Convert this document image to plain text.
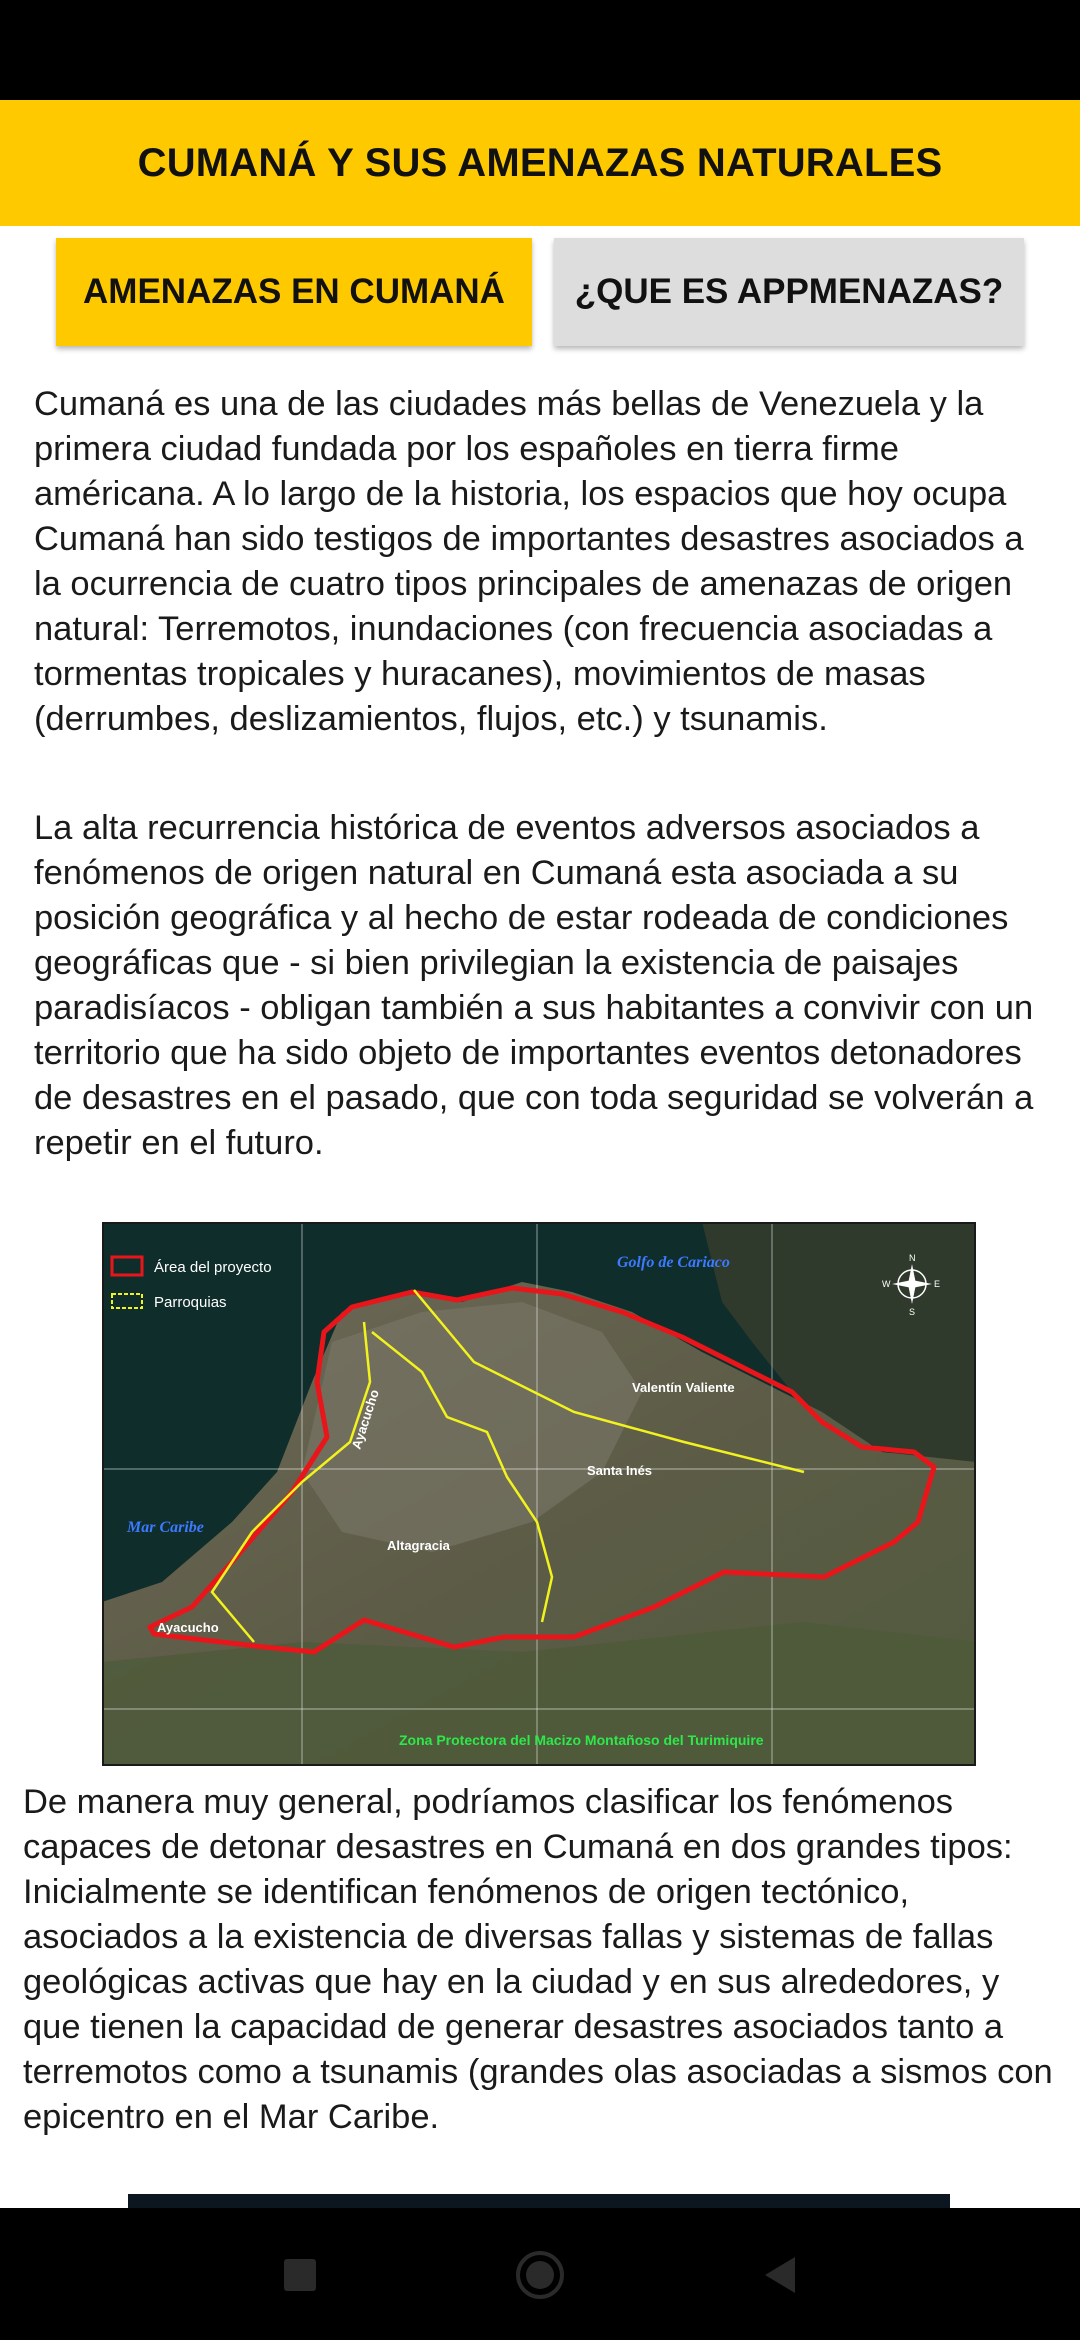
CUMANÁ Y SUS AMENAZAS NATURALES
AMENAZAS EN CUMANÁ	¿QUE ES APPMENAZAS?

Cumaná es una de las ciudades más bellas de Venezuela y la primera ciudad fundada por los españoles en tierra firme américana. A lo largo de la historia, los espacios que hoy ocupa Cumaná han sido testigos de importantes desastres asociados a la ocurrencia de cuatro tipos principales de amenazas de origen natural: Terremotos, inundaciones (con frecuencia asociadas a tormentas tropicales y huracanes), movimientos de masas (derrumbes, deslizamientos, flujos, etc.) y tsunamis.

La alta recurrencia histórica de eventos adversos asociados a fenómenos de origen natural en Cumaná esta asociada a su posición geográfica y al hecho de estar rodeada de condiciones geográficas que - si bien privilegian la existencia de paisajes paradisíacos - obligan también a sus habitantes a convivir con un territorio que ha sido objeto de importantes eventos detonadores de desastres en el pasado, que con toda seguridad se volverán a repetir en el futuro.

Área del proyecto
Parroquias
Golfo de Cariaco
Mar Caribe
Valentín Valiente
Santa Inés
Altagracia
Ayacucho
Ayacucho
Zona Protectora del Macizo Montañoso del Turimiquire
N
S
E
W

De manera muy general, podríamos clasificar los fenómenos capaces de detonar desastres en Cumaná en dos grandes tipos: Inicialmente se identifican fenómenos de origen tectónico, asociados a la existencia de diversas fallas y sistemas de fallas geológicas activas que hay en la ciudad y en sus alrededores, y que tienen la capacidad de generar desastres asociados tanto a terremotos como a tsunamis (grandes olas asociadas a sismos con epicentro en el Mar Caribe.
